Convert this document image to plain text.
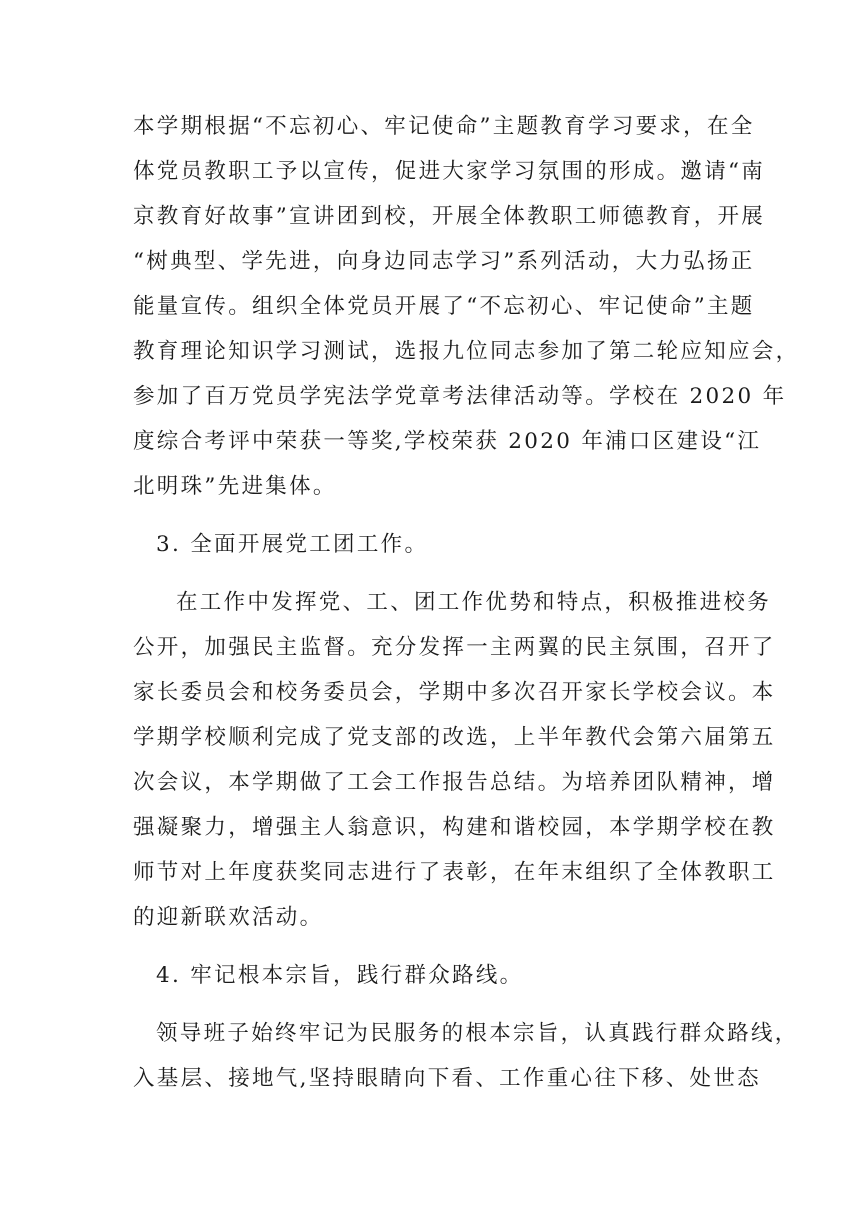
本学期根据“不忘初心、牢记使命”主题教育学习要求，在全
体党员教职工予以宣传，促进大家学习氛围的形成。邀请“南
京教育好故事”宣讲团到校，开展全体教职工师德教育，开展
“树典型、学先进，向身边同志学习”系列活动，大力弘扬正
能量宣传。组织全体党员开展了“不忘初心、牢记使命”主题
教育理论知识学习测试，选报九位同志参加了第二轮应知应会，
参加了百万党员学宪法学党章考法律活动等。学校在 2020 年
度综合考评中荣获一等奖,学校荣获 2020 年浦口区建设“江
北明珠”先进集体。
3. 全面开展党工团工作。
在工作中发挥党、工、团工作优势和特点，积极推进校务
公开，加强民主监督。充分发挥一主两翼的民主氛围，召开了
家长委员会和校务委员会，学期中多次召开家长学校会议。本
学期学校顺利完成了党支部的改选，上半年教代会第六届第五
次会议，本学期做了工会工作报告总结。为培养团队精神，增
强凝聚力，增强主人翁意识，构建和谐校园，本学期学校在教
师节对上年度获奖同志进行了表彰，在年末组织了全体教职工
的迎新联欢活动。
4. 牢记根本宗旨，践行群众路线。
领导班子始终牢记为民服务的根本宗旨，认真践行群众路线，
入基层、接地气,坚持眼睛向下看、工作重心往下移、处世态
